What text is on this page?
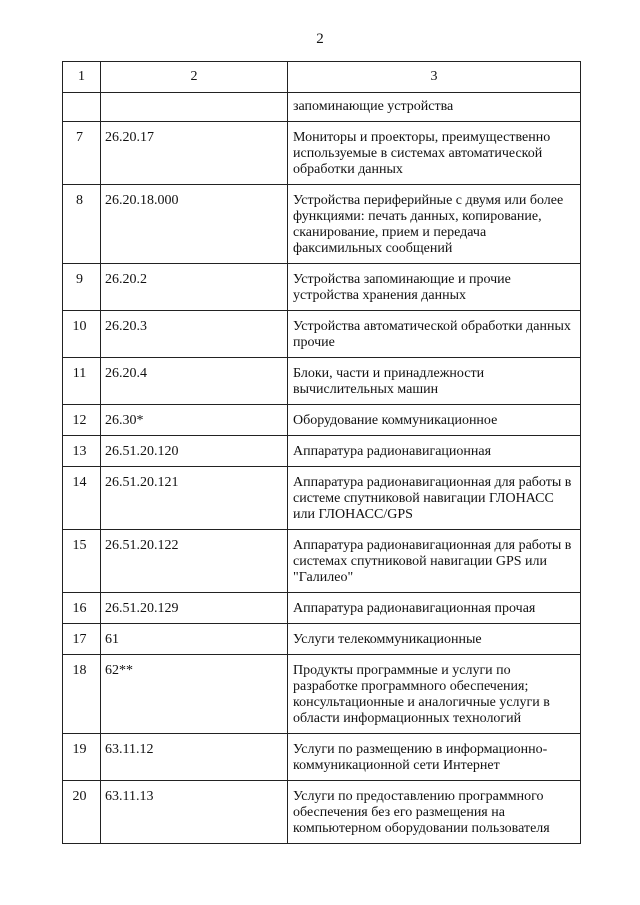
2
1	2	3
		запоминающие устройства
7	26.20.17	Мониторы и проекторы, преимущественно используемые в системах автоматической обработки данных
8	26.20.18.000	Устройства периферийные с двумя или более функциями: печать данных, копирование, сканирование, прием и передача факсимильных сообщений
9	26.20.2	Устройства запоминающие и прочие устройства хранения данных
10	26.20.3	Устройства автоматической обработки данных прочие
11	26.20.4	Блоки, части и принадлежности вычислительных машин
12	26.30*	Оборудование коммуникационное
13	26.51.20.120	Аппаратура радионавигационная
14	26.51.20.121	Аппаратура радионавигационная для работы в системе спутниковой навигации ГЛОНАСС или ГЛОНАСС/GPS
15	26.51.20.122	Аппаратура радионавигационная для работы в системах спутниковой навигации GPS или "Галилео"
16	26.51.20.129	Аппаратура радионавигационная прочая
17	61	Услуги телекоммуникационные
18	62**	Продукты программные и услуги по разработке программного обеспечения; консультационные и аналогичные услуги в области информационных технологий
19	63.11.12	Услуги по размещению в информационно-коммуникационной сети Интернет
20	63.11.13	Услуги по предоставлению программного обеспечения без его размещения на компьютерном оборудовании пользователя
